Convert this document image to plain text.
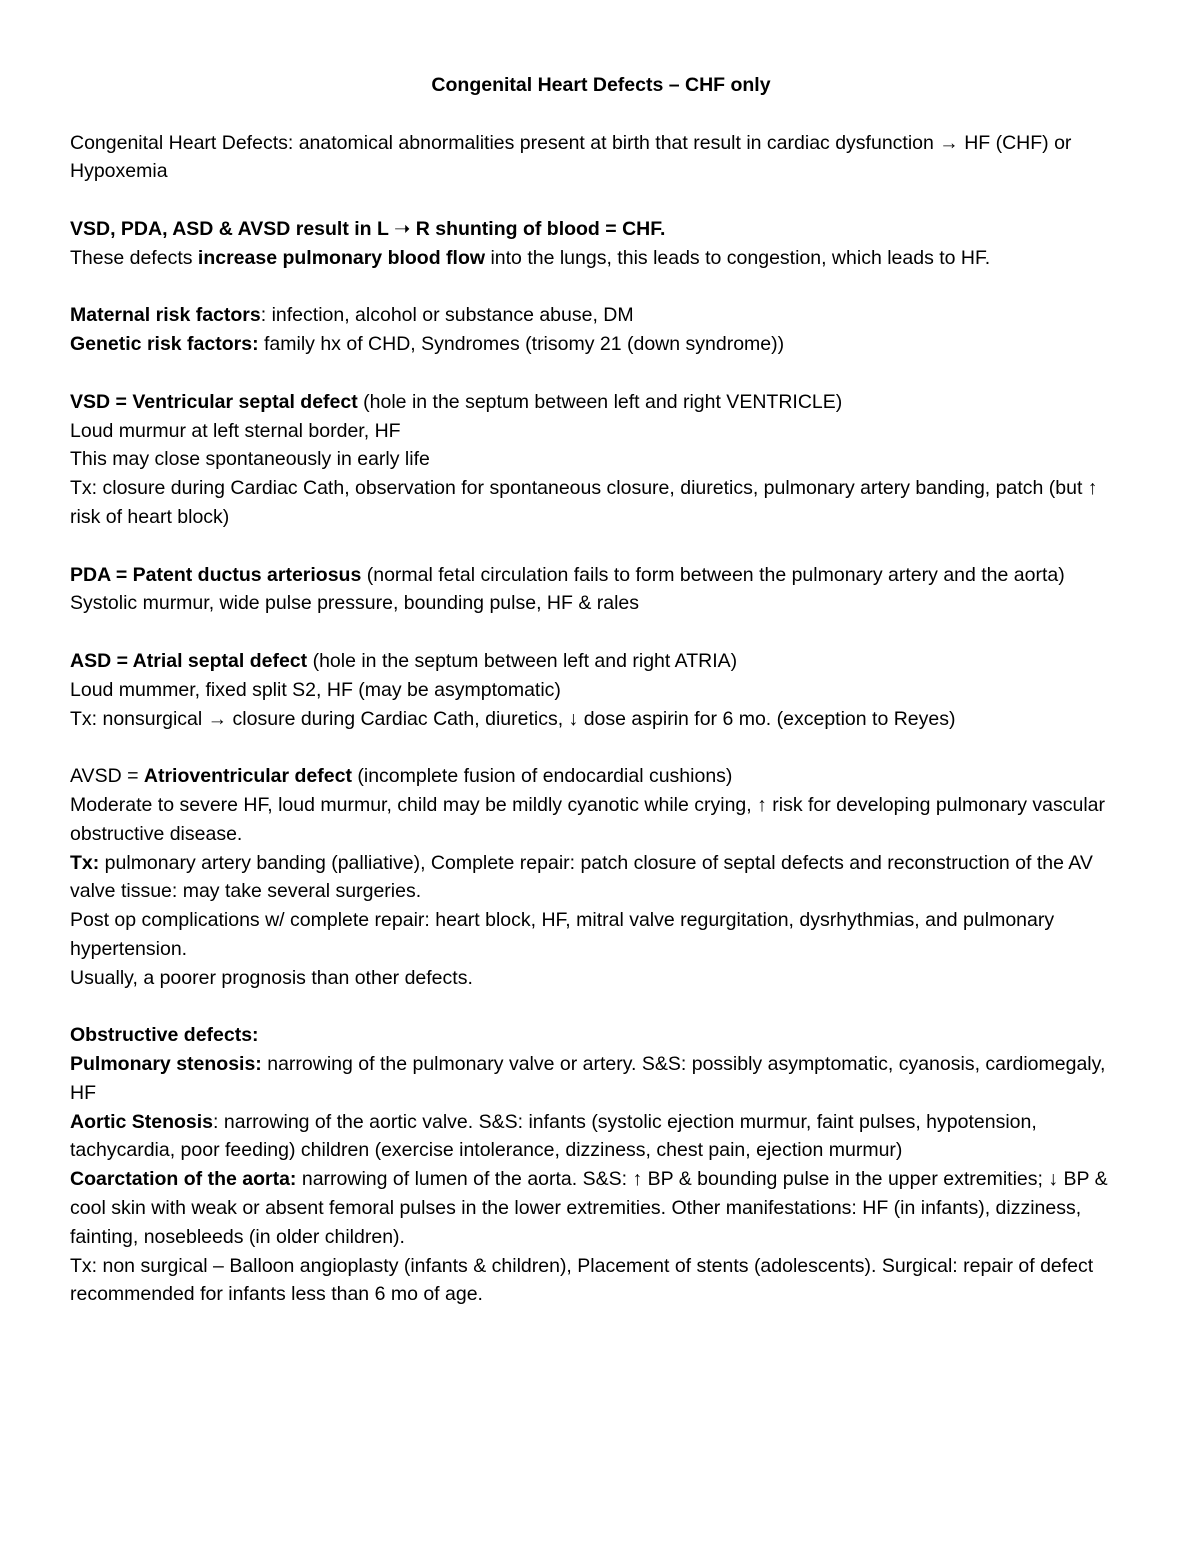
Congenital Heart Defects – CHF only

Congenital Heart Defects: anatomical abnormalities present at birth that result in cardiac dysfunction → HF (CHF) or Hypoxemia

VSD, PDA, ASD & AVSD result in L ➝ R shunting of blood = CHF.

These defects increase pulmonary blood flow into the lungs, this leads to congestion, which leads to HF.

Maternal risk factors: infection, alcohol or substance abuse, DM

Genetic risk factors: family hx of CHD, Syndromes (trisomy 21 (down syndrome))

VSD = Ventricular septal defect (hole in the septum between left and right VENTRICLE)

Loud murmur at left sternal border, HF

This may close spontaneously in early life

Tx: closure during Cardiac Cath, observation for spontaneous closure, diuretics, pulmonary artery banding, patch (but ↑ risk of heart block)

PDA = Patent ductus arteriosus (normal fetal circulation fails to form between the pulmonary artery and the aorta)

Systolic murmur, wide pulse pressure, bounding pulse, HF & rales

ASD = Atrial septal defect (hole in the septum between left and right ATRIA)

Loud mummer, fixed split S2, HF (may be asymptomatic)

Tx: nonsurgical → closure during Cardiac Cath, diuretics, ↓ dose aspirin for 6 mo. (exception to Reyes)

AVSD = Atrioventricular defect (incomplete fusion of endocardial cushions)

Moderate to severe HF, loud murmur, child may be mildly cyanotic while crying, ↑ risk for developing pulmonary vascular obstructive disease.

Tx: pulmonary artery banding (palliative), Complete repair: patch closure of septal defects and reconstruction of the AV valve tissue: may take several surgeries.

Post op complications w/ complete repair: heart block, HF, mitral valve regurgitation, dysrhythmias, and pulmonary hypertension.

Usually, a poorer prognosis than other defects.

Obstructive defects:

Pulmonary stenosis: narrowing of the pulmonary valve or artery. S&S: possibly asymptomatic, cyanosis, cardiomegaly, HF

Aortic Stenosis: narrowing of the aortic valve. S&S: infants (systolic ejection murmur, faint pulses, hypotension, tachycardia, poor feeding) children (exercise intolerance, dizziness, chest pain, ejection murmur)

Coarctation of the aorta: narrowing of lumen of the aorta. S&S: ↑ BP & bounding pulse in the upper extremities; ↓ BP & cool skin with weak or absent femoral pulses in the lower extremities. Other manifestations: HF (in infants), dizziness, fainting, nosebleeds (in older children).

Tx: non surgical – Balloon angioplasty (infants & children), Placement of stents (adolescents). Surgical: repair of defect recommended for infants less than 6 mo of age.
